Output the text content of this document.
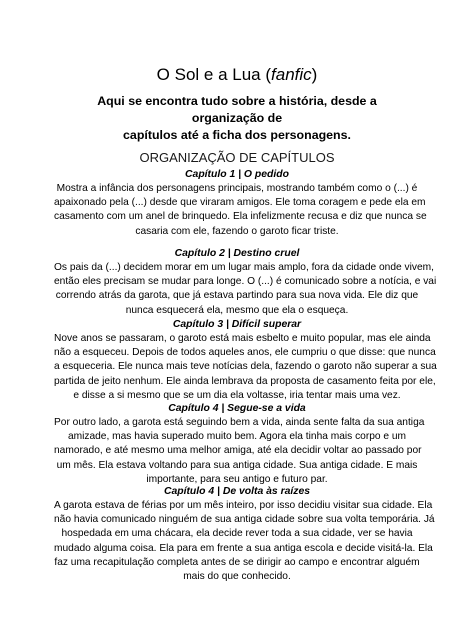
O Sol e a Lua (fanfic)
Aqui se encontra tudo sobre a história, desde a organização de
capítulos até a ficha dos personagens.
ORGANIZAÇÃO DE CAPÍTULOS
Capítulo 1 | O pedido
Mostra a infância dos personagens principais, mostrando também como o (...) é
apaixonado pela (...) desde que viraram amigos. Ele toma coragem e pede ela em
casamento com um anel de brinquedo. Ela infelizmente recusa e diz que nunca se
casaria com ele, fazendo o garoto ficar triste.
Capítulo 2 | Destino cruel
Os pais da (...) decidem morar em um lugar mais amplo, fora da cidade onde vivem,
então eles precisam se mudar para longe. O (...) é comunicado sobre a notícia, e vai
correndo atrás da garota, que já estava partindo para sua nova vida. Ele diz que
nunca esquecerá ela, mesmo que ela o esqueça.
Capítulo 3 | Difícil superar
Nove anos se passaram, o garoto está mais esbelto e muito popular, mas ele ainda
não a esqueceu. Depois de todos aqueles anos, ele cumpriu o que disse: que nunca
a esqueceria. Ele nunca mais teve notícias dela, fazendo o garoto não superar a sua
partida de jeito nenhum. Ele ainda lembrava da proposta de casamento feita por ele,
e disse a si mesmo que se um dia ela voltasse, iria tentar mais uma vez.
Capítulo 4 | Segue-se a vida
Por outro lado, a garota está seguindo bem a vida, ainda sente falta da sua antiga
amizade, mas havia superado muito bem. Agora ela tinha mais corpo e um
namorado, e até mesmo uma melhor amiga, até ela decidir voltar ao passado por
um mês. Ela estava voltando para sua antiga cidade. Sua antiga cidade. E mais
importante, para seu antigo e futuro par.
Capítulo 4 | De volta às raízes
A garota estava de férias por um mês inteiro, por isso decidiu visitar sua cidade. Ela
não havia comunicado ninguém de sua antiga cidade sobre sua volta temporária. Já
hospedada em uma chácara, ela decide rever toda a sua cidade, ver se havia
mudado alguma coisa. Ela para em frente a sua antiga escola e decide visitá-la. Ela
faz uma recapitulação completa antes de se dirigir ao campo e encontrar alguém
mais do que conhecido.
